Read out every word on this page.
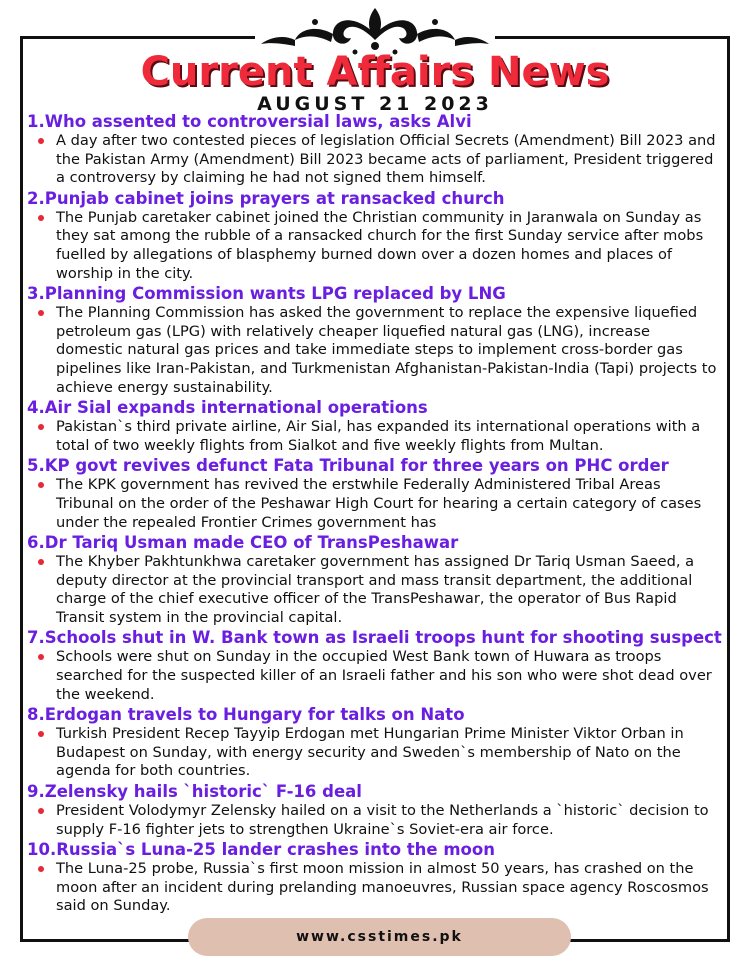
Current Affairs News
AUGUST 21 2023

1.Who assented to controversial laws, asks Alvi

A day after two contested pieces of legislation Official Secrets (Amendment) Bill 2023 and the Pakistan Army (Amendment) Bill 2023 became acts of parliament, President triggered a controversy by claiming he had not signed them himself.

2.Punjab cabinet joins prayers at ransacked church

The Punjab caretaker cabinet joined the Christian community in Jaranwala on Sunday as they sat among the rubble of a ransacked church for the first Sunday service after mobs fuelled by allegations of blasphemy burned down over a dozen homes and places of worship in the city.

3.Planning Commission wants LPG replaced by LNG

The Planning Commission has asked the government to replace the expensive liquefied petroleum gas (LPG) with relatively cheaper liquefied natural gas (LNG), increase domestic natural gas prices and take immediate steps to implement cross-border gas pipelines like Iran-Pakistan, and Turkmenistan Afghanistan-Pakistan-India (Tapi) projects to achieve energy sustainability.

4.Air Sial expands international operations

Pakistan`s third private airline, Air Sial, has expanded its international operations with a total of two weekly flights from Sialkot and five weekly flights from Multan.

5.KP govt revives defunct Fata Tribunal for three years on PHC order

The KPK government has revived the erstwhile Federally Administered Tribal Areas Tribunal on the order of the Peshawar High Court for hearing a certain category of cases under the repealed Frontier Crimes government has

6.Dr Tariq Usman made CEO of TransPeshawar

The Khyber Pakhtunkhwa caretaker government has assigned Dr Tariq Usman Saeed, a deputy director at the provincial transport and mass transit department, the additional charge of the chief executive officer of the TransPeshawar, the operator of Bus Rapid Transit system in the provincial capital.

7.Schools shut in W. Bank town as Israeli troops hunt for shooting suspect

Schools were shut on Sunday in the occupied West Bank town of Huwara as troops searched for the suspected killer of an Israeli father and his son who were shot dead over the weekend.

8.Erdogan travels to Hungary for talks on Nato

Turkish President Recep Tayyip Erdogan met Hungarian Prime Minister Viktor Orban in Budapest on Sunday, with energy security and Sweden`s membership of Nato on the agenda for both countries.

9.Zelensky hails `historic` F-16 deal

President Volodymyr Zelensky hailed on a visit to the Netherlands a `historic` decision to supply F-16 fighter jets to strengthen Ukraine`s Soviet-era air force.

10.Russia`s Luna-25 lander crashes into the moon

The Luna-25 probe, Russia`s first moon mission in almost 50 years, has crashed on the moon after an incident during prelanding manoeuvres, Russian space agency Roscosmos said on Sunday.

www.csstimes.pk
